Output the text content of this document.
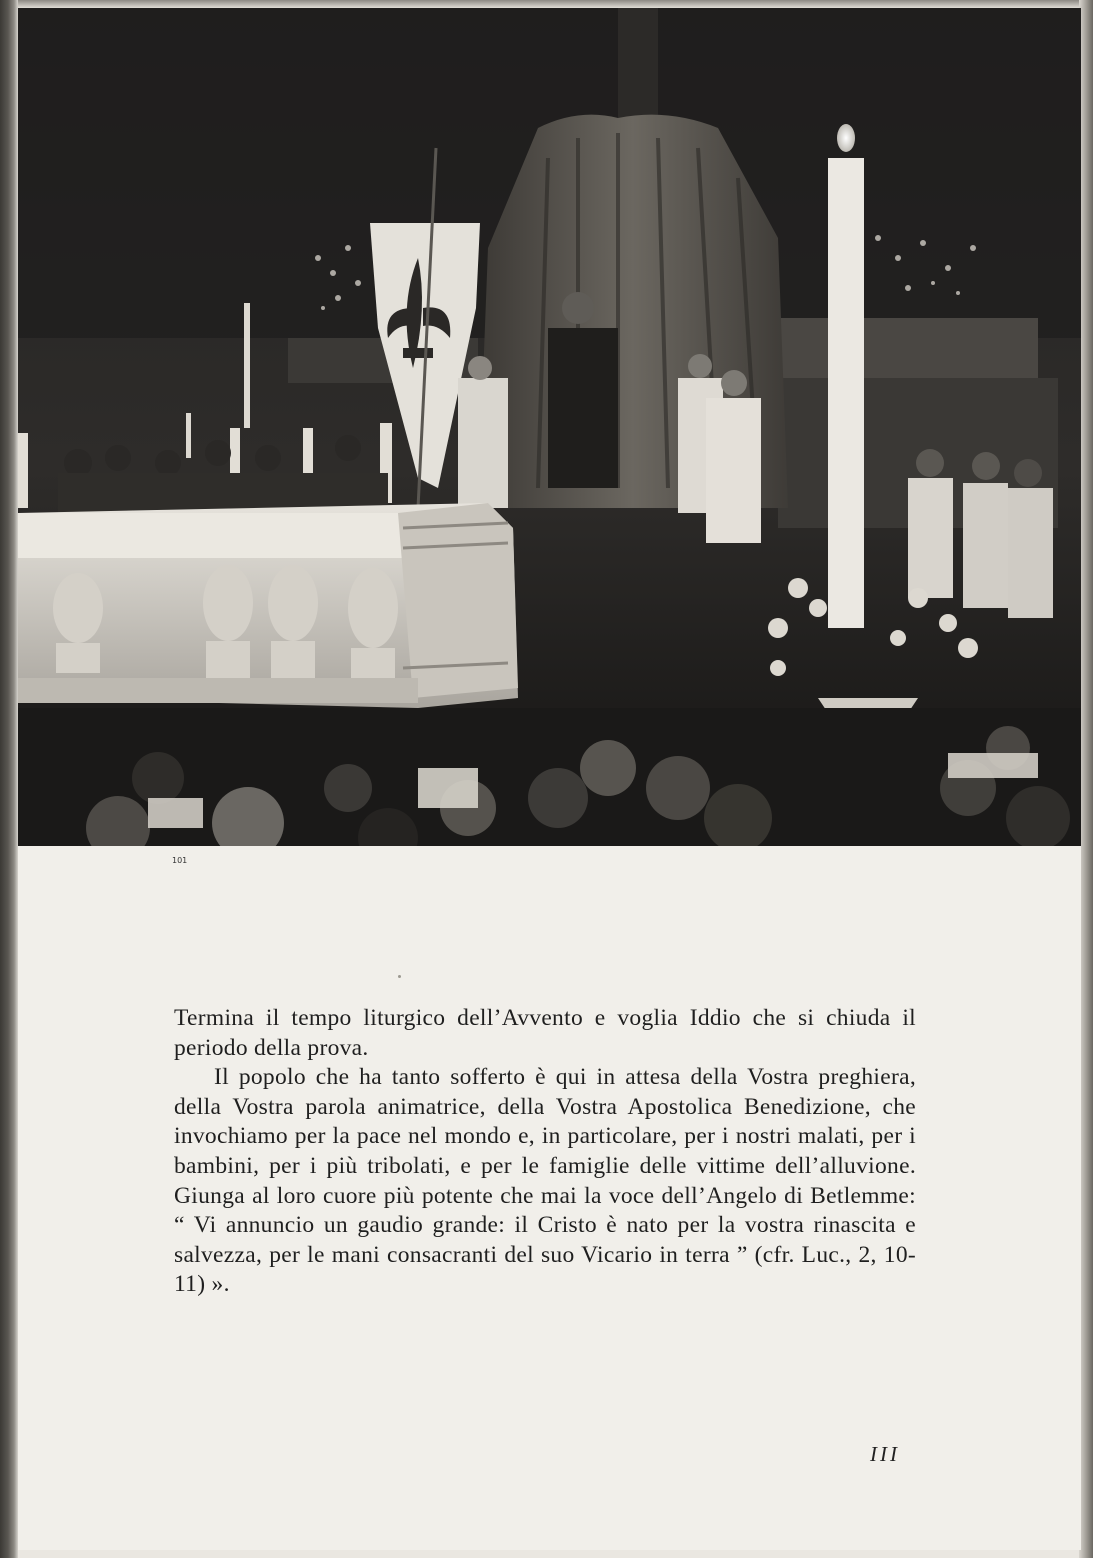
101

Termina il tempo liturgico dell’Avvento e voglia Iddio che si chiuda il periodo della prova.

Il popolo che ha tanto sofferto è qui in attesa della Vostra preghiera, della Vostra parola animatrice, della Vostra Apostolica Benedizione, che invochiamo per la pace nel mondo e, in particolare, per i nostri malati, per i bambini, per i più tribolati, e per le famiglie delle vittime dell’alluvione. Giunga al loro cuore più potente che mai la voce dell’Angelo di Betlemme: “ Vi annuncio un gaudio grande: il Cristo è nato per la vostra rinascita e salvezza, per le mani consacranti del suo Vicario in terra ” (cfr. Luc., 2, 10-11) ».

III
